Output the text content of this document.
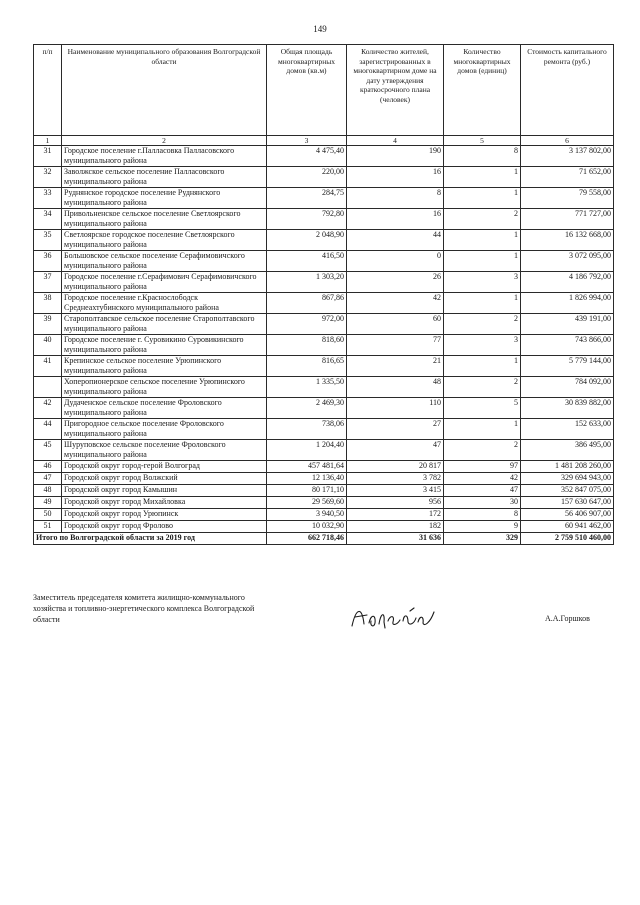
149
п/п	Наименование муниципального образования Волгоградской области	Общая площадь многоквартирных домов (кв.м)	Количество жителей, зарегистрированных в многоквартирном доме на дату утверждения краткосрочного плана (человек)	Количество многоквартирных домов (единиц)	Стоимость капитального ремонта (руб.)
1	2	3	4	5	6
31	Городское поселение г.Палласовка Палласовского муниципального района	4 475,40	190	8	3 137 802,00
32	Заволжское сельское поселение Палласовского муниципального района	220,00	16	1	71 652,00
33	Руднянское городское поселение Руднянского муниципального района	284,75	8	1	79 558,00
34	Привольненское сельское поселение Светлоярского муниципального района	792,80	16	2	771 727,00
35	Светлоярское городское поселение Светлоярского муниципального района	2 048,90	44	1	16 132 668,00
36	Большовское сельское поселение Серафимовичского муниципального района	416,50	0	1	3 072 095,00
37	Городское поселение г.Серафимович Серафимовичского муниципального района	1 303,20	26	3	4 186 792,00
38	Городское поселение г.Краснослободск Среднеахтубинского муниципального района	867,86	42	1	1 826 994,00
39	Старополтавское сельское поселение Старополтавского муниципального района	972,00	60	2	439 191,00
40	Городское поселение г. Суровикино Суровикинского муниципального района	818,60	77	3	743 866,00
41	Крепинское сельское поселение Урюпинского муниципального района	816,65	21	1	5 779 144,00
	Хоперопионерское сельское поселение Урюпинского муниципального района	1 335,50	48	2	784 092,00
42	Дудаченское сельское поселение Фроловского муниципального района	2 469,30	110	5	30 839 882,00
44	Пригородное сельское поселение Фроловского муниципального района	738,06	27	1	152 633,00
45	Шуруповское сельское поселение Фроловского муниципального района	1 204,40	47	2	386 495,00
46	Городской округ город-герой Волгоград	457 481,64	20 817	97	1 481 208 260,00
47	Городской округ город Волжский	12 136,40	3 782	42	329 694 943,00
48	Городской округ город Камышин	80 171,10	3 415	47	352 847 075,00
49	Городской округ город Михайловка	29 569,60	956	30	157 630 647,00
50	Городской округ город Урюпинск	3 940,50	172	8	56 406 907,00
51	Городской округ город Фролово	10 032,90	182	9	60 941 462,00
Итого по Волгоградской области за 2019 год		662 718,46	31 636	329	2 759 510 460,00
Заместитель председателя комитета жилищно-коммунального хозяйства и топливно-энергетического комплекса Волгоградской области	А.А.Горшков
